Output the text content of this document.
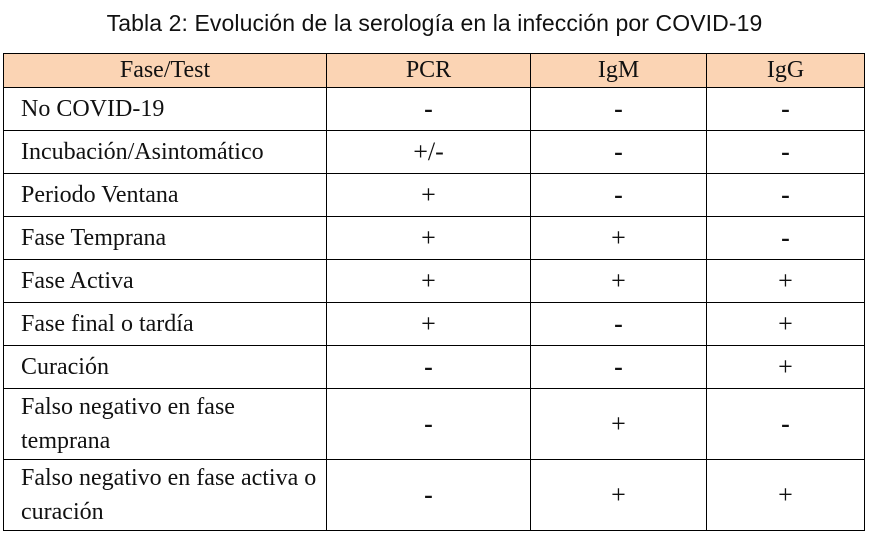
Tabla 2: Evolución de la serología en la infección por COVID-19
Fase/Test	PCR	IgM	IgG
No COVID-19	-	-	-
Incubación/Asintomático	+/-	-	-
Periodo Ventana	+	-	-
Fase Temprana	+	+	-
Fase Activa	+	+	+
Fase final o tardía	+	-	+
Curación	-	-	+
Falso negativo en fase temprana	-	+	-
Falso negativo en fase activa o curación	-	+	+
